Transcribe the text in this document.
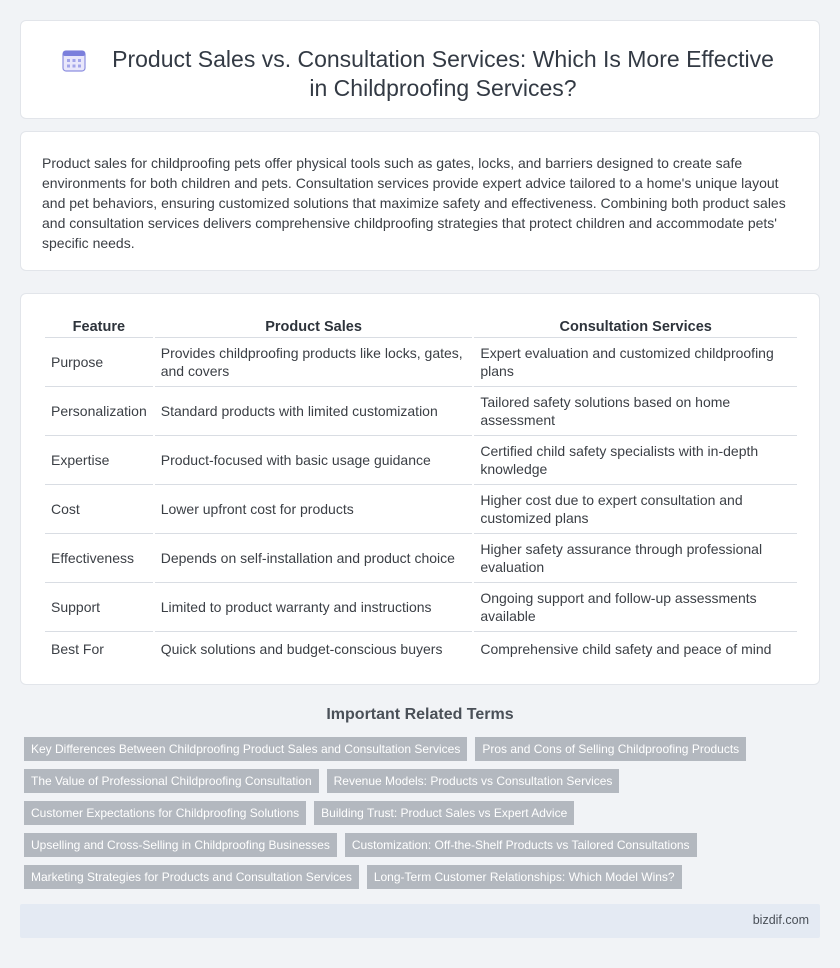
Product Sales vs. Consultation Services: Which Is More Effective in Childproofing Services?

Product sales for childproofing pets offer physical tools such as gates, locks, and barriers designed to create safe environments for both children and pets. Consultation services provide expert advice tailored to a home's unique layout and pet behaviors, ensuring customized solutions that maximize safety and effectiveness. Combining both product sales and consultation services delivers comprehensive childproofing strategies that protect children and accommodate pets' specific needs.

Feature	Product Sales	Consultation Services
Purpose	Provides childproofing products like locks, gates, and covers	Expert evaluation and customized childproofing plans
Personalization	Standard products with limited customization	Tailored safety solutions based on home assessment
Expertise	Product-focused with basic usage guidance	Certified child safety specialists with in-depth knowledge
Cost	Lower upfront cost for products	Higher cost due to expert consultation and customized plans
Effectiveness	Depends on self-installation and product choice	Higher safety assurance through professional evaluation
Support	Limited to product warranty and instructions	Ongoing support and follow-up assessments available
Best For	Quick solutions and budget-conscious buyers	Comprehensive child safety and peace of mind
Important Related Terms
Key Differences Between Childproofing Product Sales and Consultation Services	Pros and Cons of Selling Childproofing Products
The Value of Professional Childproofing Consultation	Revenue Models: Products vs Consultation Services
Customer Expectations for Childproofing Solutions	Building Trust: Product Sales vs Expert Advice
Upselling and Cross-Selling in Childproofing Businesses	Customization: Off-the-Shelf Products vs Tailored Consultations
Marketing Strategies for Products and Consultation Services	Long-Term Customer Relationships: Which Model Wins?
bizdif.com
